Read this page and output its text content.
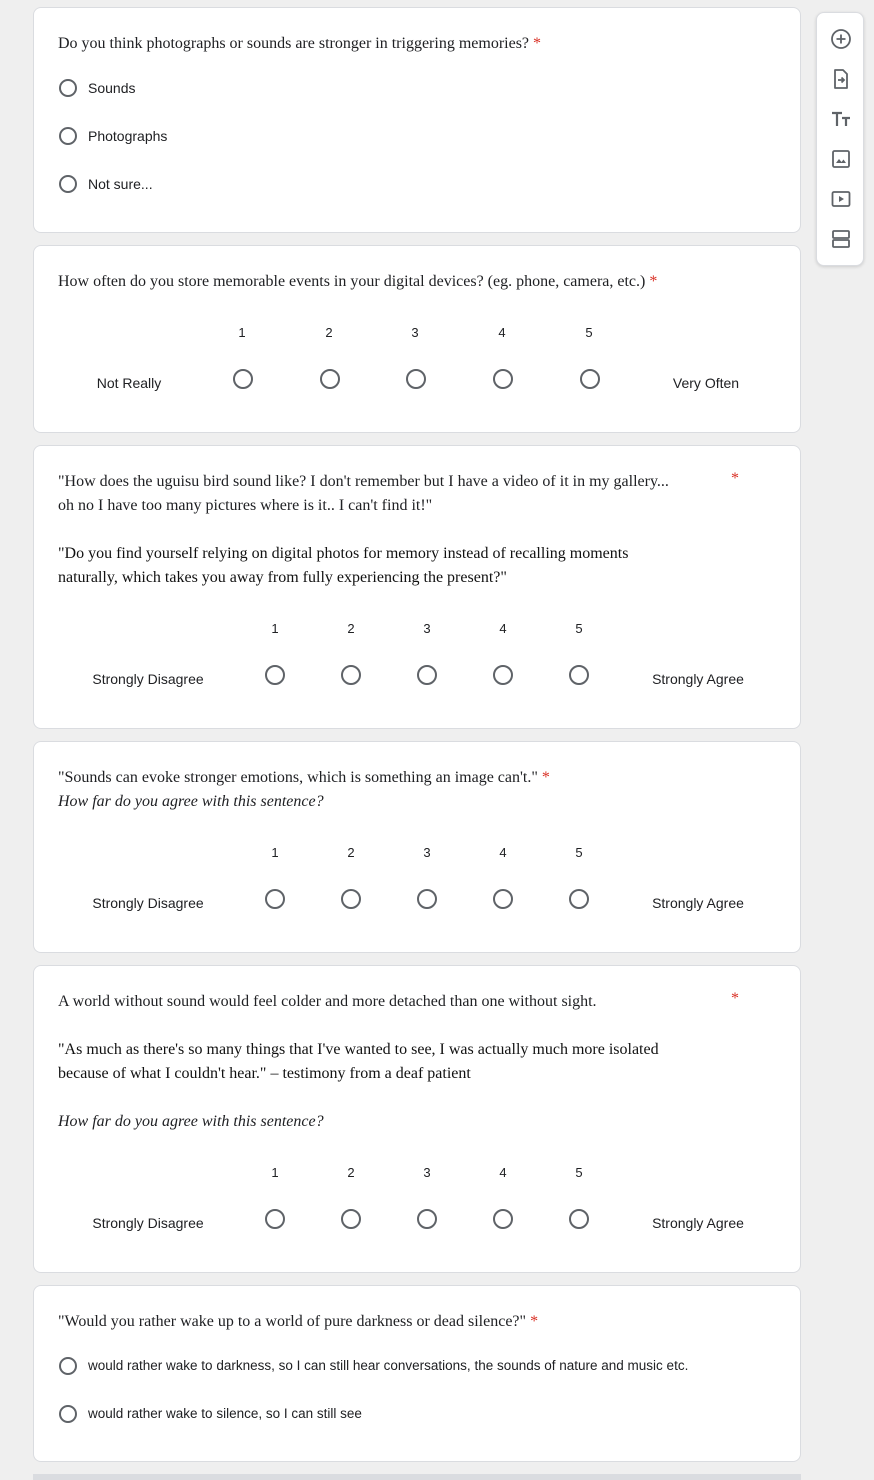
Do you think photographs or sounds are stronger in triggering memories? *
Sounds
Photographs
Not sure...
How often do you store memorable events in your digital devices? (eg. phone, camera, etc.) *
1	2	3	4	5
Not Really	Very Often
"How does the uguisu bird sound like? I don't remember but I have a video of it in my gallery...	*
oh no I have too many pictures where is it.. I can't find it!"
"Do you find yourself relying on digital photos for memory instead of recalling moments
naturally, which takes you away from fully experiencing the present?"
1	2	3	4	5
Strongly Disagree	Strongly Agree
"Sounds can evoke stronger emotions, which is something an image can't." *
How far do you agree with this sentence?
1	2	3	4	5
Strongly Disagree	Strongly Agree
A world without sound would feel colder and more detached than one without sight.	*
"As much as there's so many things that I've wanted to see, I was actually much more isolated
because of what I couldn't hear." – testimony from a deaf patient
How far do you agree with this sentence?
1	2	3	4	5
Strongly Disagree	Strongly Agree
"Would you rather wake up to a world of pure darkness or dead silence?" *
would rather wake to darkness, so I can still hear conversations, the sounds of nature and music etc.
would rather wake to silence, so I can still see
